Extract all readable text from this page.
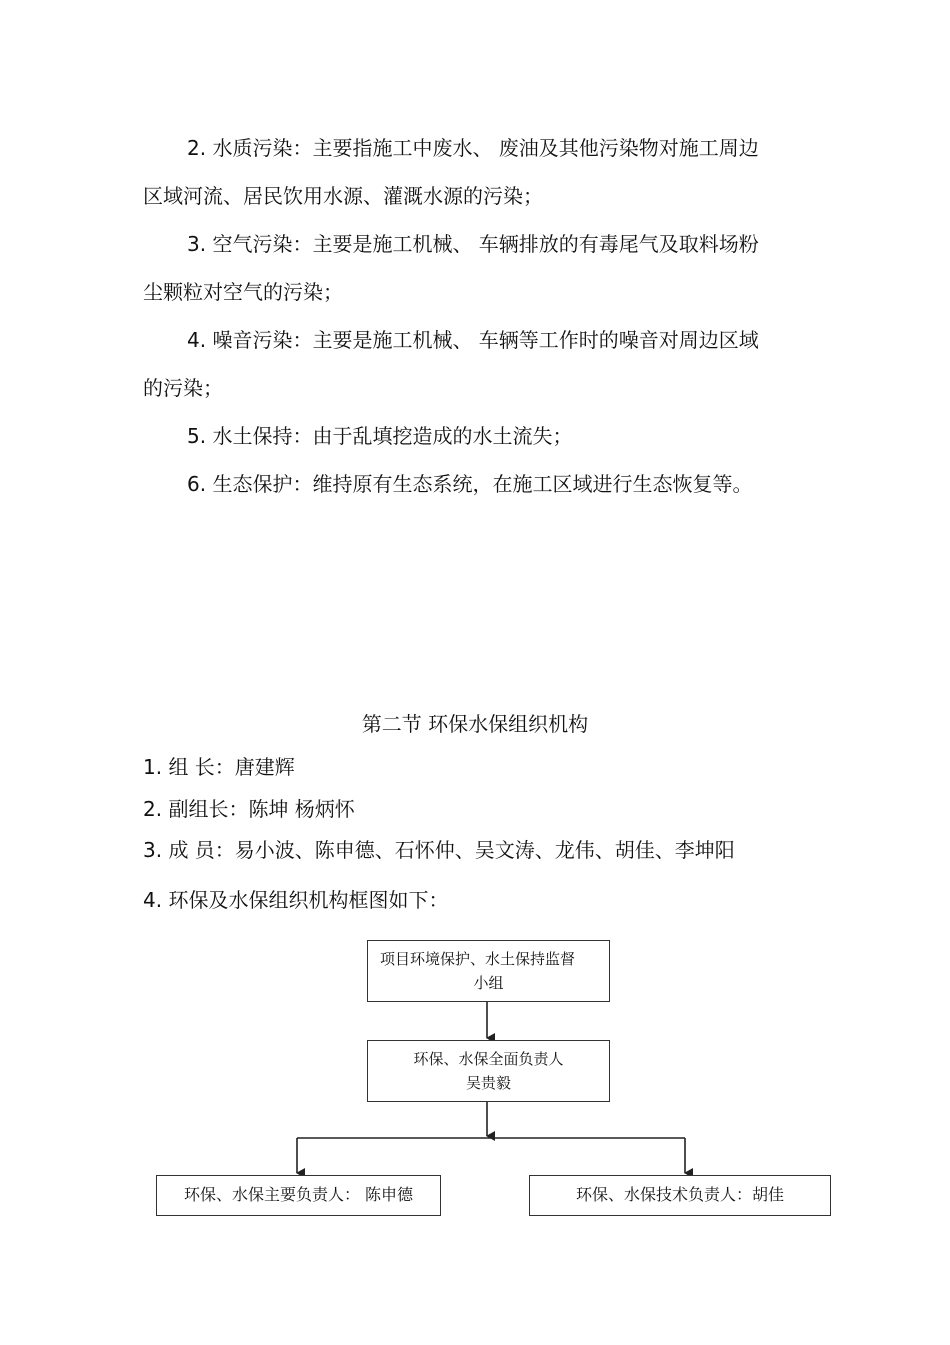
2. 水质污染：主要指施工中废水、 废油及其他污染物对施工周边
区域河流、居民饮用水源、灌溉水源的污染；
3. 空气污染：主要是施工机械、 车辆排放的有毒尾气及取料场粉
尘颗粒对空气的污染；
4. 噪音污染：主要是施工机械、 车辆等工作时的噪音对周边区域
的污染；
5. 水土保持：由于乱填挖造成的水土流失；
6. 生态保护：维持原有生态系统，在施工区域进行生态恢复等。
第二节 环保水保组织机构
1. 组 长：唐建辉
2. 副组长：陈坤 杨炳怀
3. 成 员：易小波、陈申德、石怀仲、吴文涛、龙伟、胡佳、李坤阳
4. 环保及水保组织机构框图如下：
项目环境保护、水土保持监督
小组
环保、水保全面负责人
吴贵毅
环保、水保主要负责人： 陈申德	环保、水保技术负责人：胡佳
